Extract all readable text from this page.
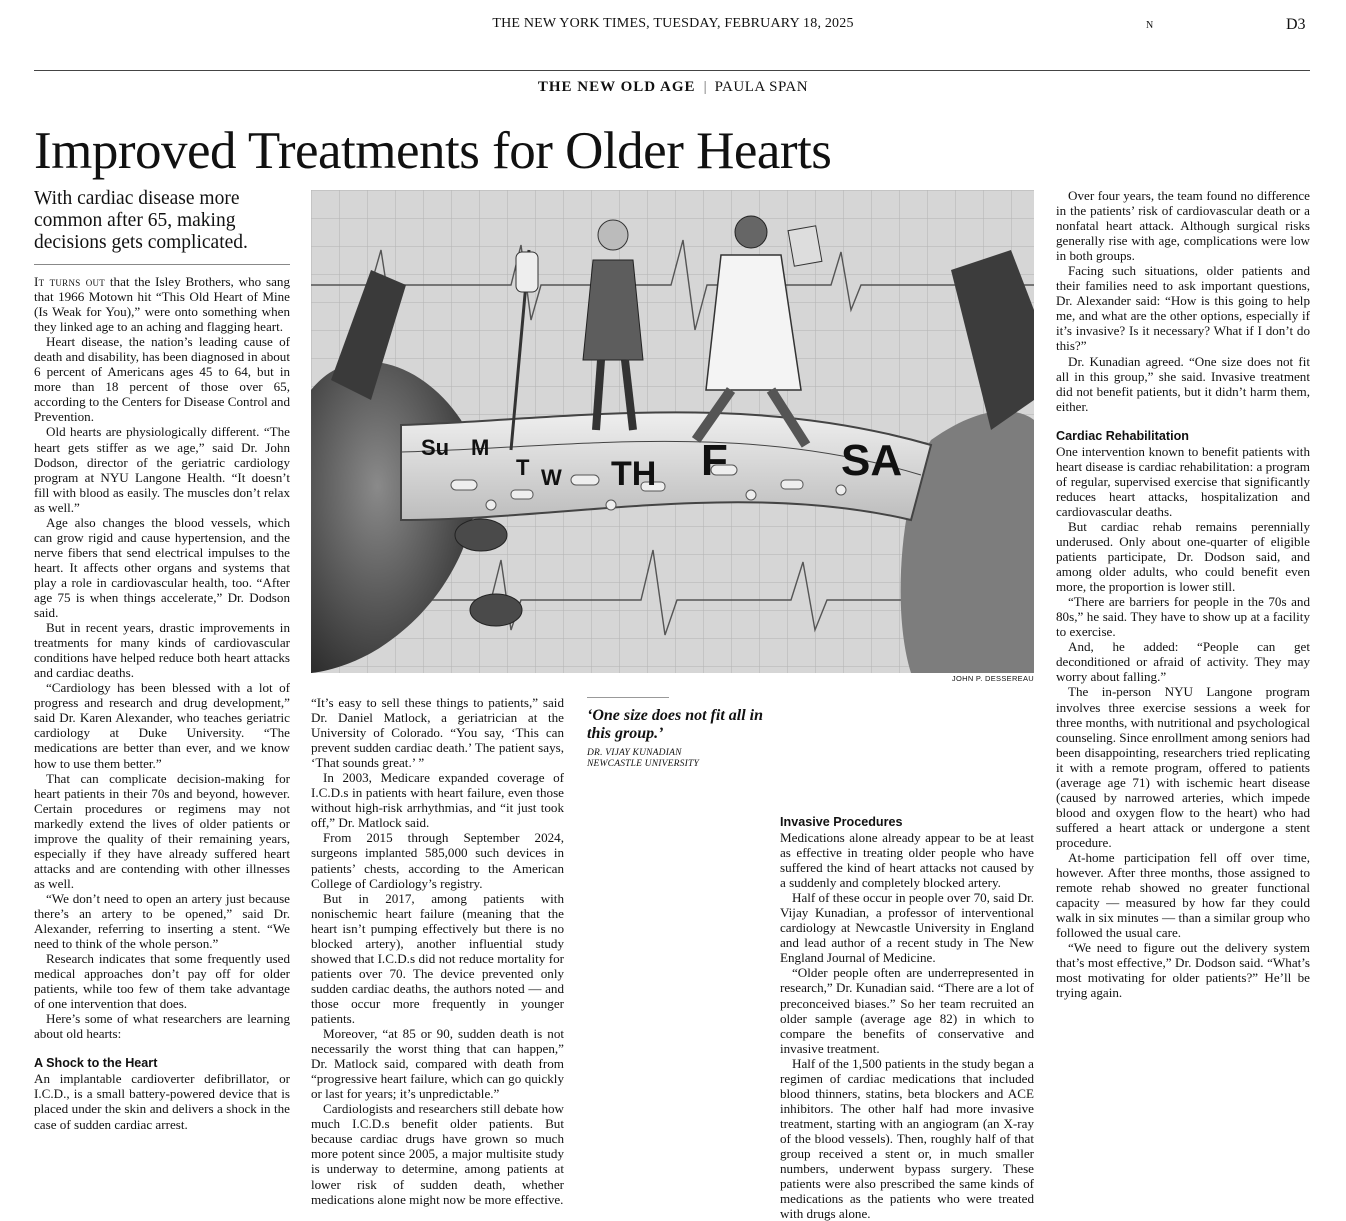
THE NEW YORK TIMES, TUESDAY, FEBRUARY 18, 2025	N	D3
THE NEW OLD AGE | PAULA SPAN
Improved Treatments for Older Hearts
With cardiac disease more common after 65, making decisions gets complicated.

It turns out that the Isley Brothers, who sang that 1966 Motown hit “This Old Heart of Mine (Is Weak for You),” were onto something when they linked age to an aching and flagging heart.

Heart disease, the nation’s leading cause of death and disability, has been diagnosed in about 6 percent of Americans ages 45 to 64, but in more than 18 percent of those over 65, according to the Centers for Disease Control and Prevention.

Old hearts are physiologically different. “The heart gets stiffer as we age,” said Dr. John Dodson, director of the geriatric cardiology program at NYU Langone Health. “It doesn’t fill with blood as easily. The muscles don’t relax as well.”

Age also changes the blood vessels, which can grow rigid and cause hypertension, and the nerve fibers that send electrical impulses to the heart. It affects other organs and systems that play a role in cardiovascular health, too. “After age 75 is when things accelerate,” Dr. Dodson said.

But in recent years, drastic improvements in treatments for many kinds of cardiovascular conditions have helped reduce both heart attacks and cardiac deaths.

“Cardiology has been blessed with a lot of progress and research and drug development,” said Dr. Karen Alexander, who teaches geriatric cardiology at Duke University. “The medications are better than ever, and we know how to use them better.”

That can complicate decision-making for heart patients in their 70s and beyond, however. Certain procedures or regimens may not markedly extend the lives of older patients or improve the quality of their remaining years, especially if they have already suffered heart attacks and are contending with other illnesses as well.

“We don’t need to open an artery just because there’s an artery to be opened,” said Dr. Alexander, referring to inserting a stent. “We need to think of the whole person.”

Research indicates that some frequently used medical approaches don’t pay off for older patients, while too few of them take advantage of one intervention that does.

Here’s some of what researchers are learning about old hearts:

A Shock to the Heart

An implantable cardioverter defibrillator, or I.C.D., is a small battery-powered device that is placed under the skin and delivers a shock in the case of sudden cardiac arrest.

Su M
T W TH F	SA
JOHN P. DESSEREAU

“It’s easy to sell these things to patients,” said Dr. Daniel Matlock, a geriatrician at the University of Colorado. “You say, ‘This can prevent sudden cardiac death.’ The patient says, ‘That sounds great.’ ”

In 2003, Medicare expanded coverage of I.C.D.s in patients with heart failure, even those without high-risk arrhythmias, and “it just took off,” Dr. Matlock said.

From 2015 through September 2024, surgeons implanted 585,000 such devices in patients’ chests, according to the American College of Cardiology’s registry.

But in 2017, among patients with nonischemic heart failure (meaning that the heart isn’t pumping effectively but there is no blocked artery), another influential study showed that I.C.D.s did not reduce mortality for patients over 70. The device prevented only sudden cardiac deaths, the authors noted — and those occur more frequently in younger patients.

Moreover, “at 85 or 90, sudden death is not necessarily the worst thing that can happen,” Dr. Matlock said, compared with death from “progressive heart failure, which can go quickly or last for years; it’s unpredictable.”

Cardiologists and researchers still debate how much I.C.D.s benefit older patients. But because cardiac drugs have grown so much more potent since 2005, a major multisite study is underway to determine, among patients at lower risk of sudden death, whether medications alone might now be more effective.

‘One size does not fit all in this group.’
DR. VIJAY KUNADIAN
NEWCASTLE UNIVERSITY
Invasive Procedures

Medications alone already appear to be at least as effective in treating older people who have suffered the kind of heart attacks not caused by a suddenly and completely blocked artery.

Half of these occur in people over 70, said Dr. Vijay Kunadian, a professor of interventional cardiology at Newcastle University in England and lead author of a recent study in The New England Journal of Medicine.

“Older people often are underrepresented in research,” Dr. Kunadian said. “There are a lot of preconceived biases.” So her team recruited an older sample (average age 82) in which to compare the benefits of conservative and invasive treatment.

Half of the 1,500 patients in the study began a regimen of cardiac medications that included blood thinners, statins, beta blockers and ACE inhibitors. The other half had more invasive treatment, starting with an angiogram (an X-ray of the blood vessels). Then, roughly half of that group received a stent or, in much smaller numbers, underwent bypass surgery. These patients were also prescribed the same kinds of medications as the patients who were treated with drugs alone.

Over four years, the team found no difference in the patients’ risk of cardiovascular death or a nonfatal heart attack. Although surgical risks generally rise with age, complications were low in both groups.

Facing such situations, older patients and their families need to ask important questions, Dr. Alexander said: “How is this going to help me, and what are the other options, especially if it’s invasive? Is it necessary? What if I don’t do this?”

Dr. Kunadian agreed. “One size does not fit all in this group,” she said. Invasive treatment did not benefit patients, but it didn’t harm them, either.

Cardiac Rehabilitation

One intervention known to benefit patients with heart disease is cardiac rehabilitation: a program of regular, supervised exercise that significantly reduces heart attacks, hospitalization and cardiovascular deaths.

But cardiac rehab remains perennially underused. Only about one-quarter of eligible patients participate, Dr. Dodson said, and among older adults, who could benefit even more, the proportion is lower still.

“There are barriers for people in the 70s and 80s,” he said. They have to show up at a facility to exercise.

And, he added: “People can get deconditioned or afraid of activity. They may worry about falling.”

The in-person NYU Langone program involves three exercise sessions a week for three months, with nutritional and psychological counseling. Since enrollment among seniors had been disappointing, researchers tried replicating it with a remote program, offered to patients (average age 71) with ischemic heart disease (caused by narrowed arteries, which impede blood and oxygen flow to the heart) who had suffered a heart attack or undergone a stent procedure.

At-home participation fell off over time, however. After three months, those assigned to remote rehab showed no greater functional capacity — measured by how far they could walk in six minutes — than a similar group who followed the usual care.

“We need to figure out the delivery system that’s most effective,” Dr. Dodson said. “What’s most motivating for older patients?” He’ll be trying again.
